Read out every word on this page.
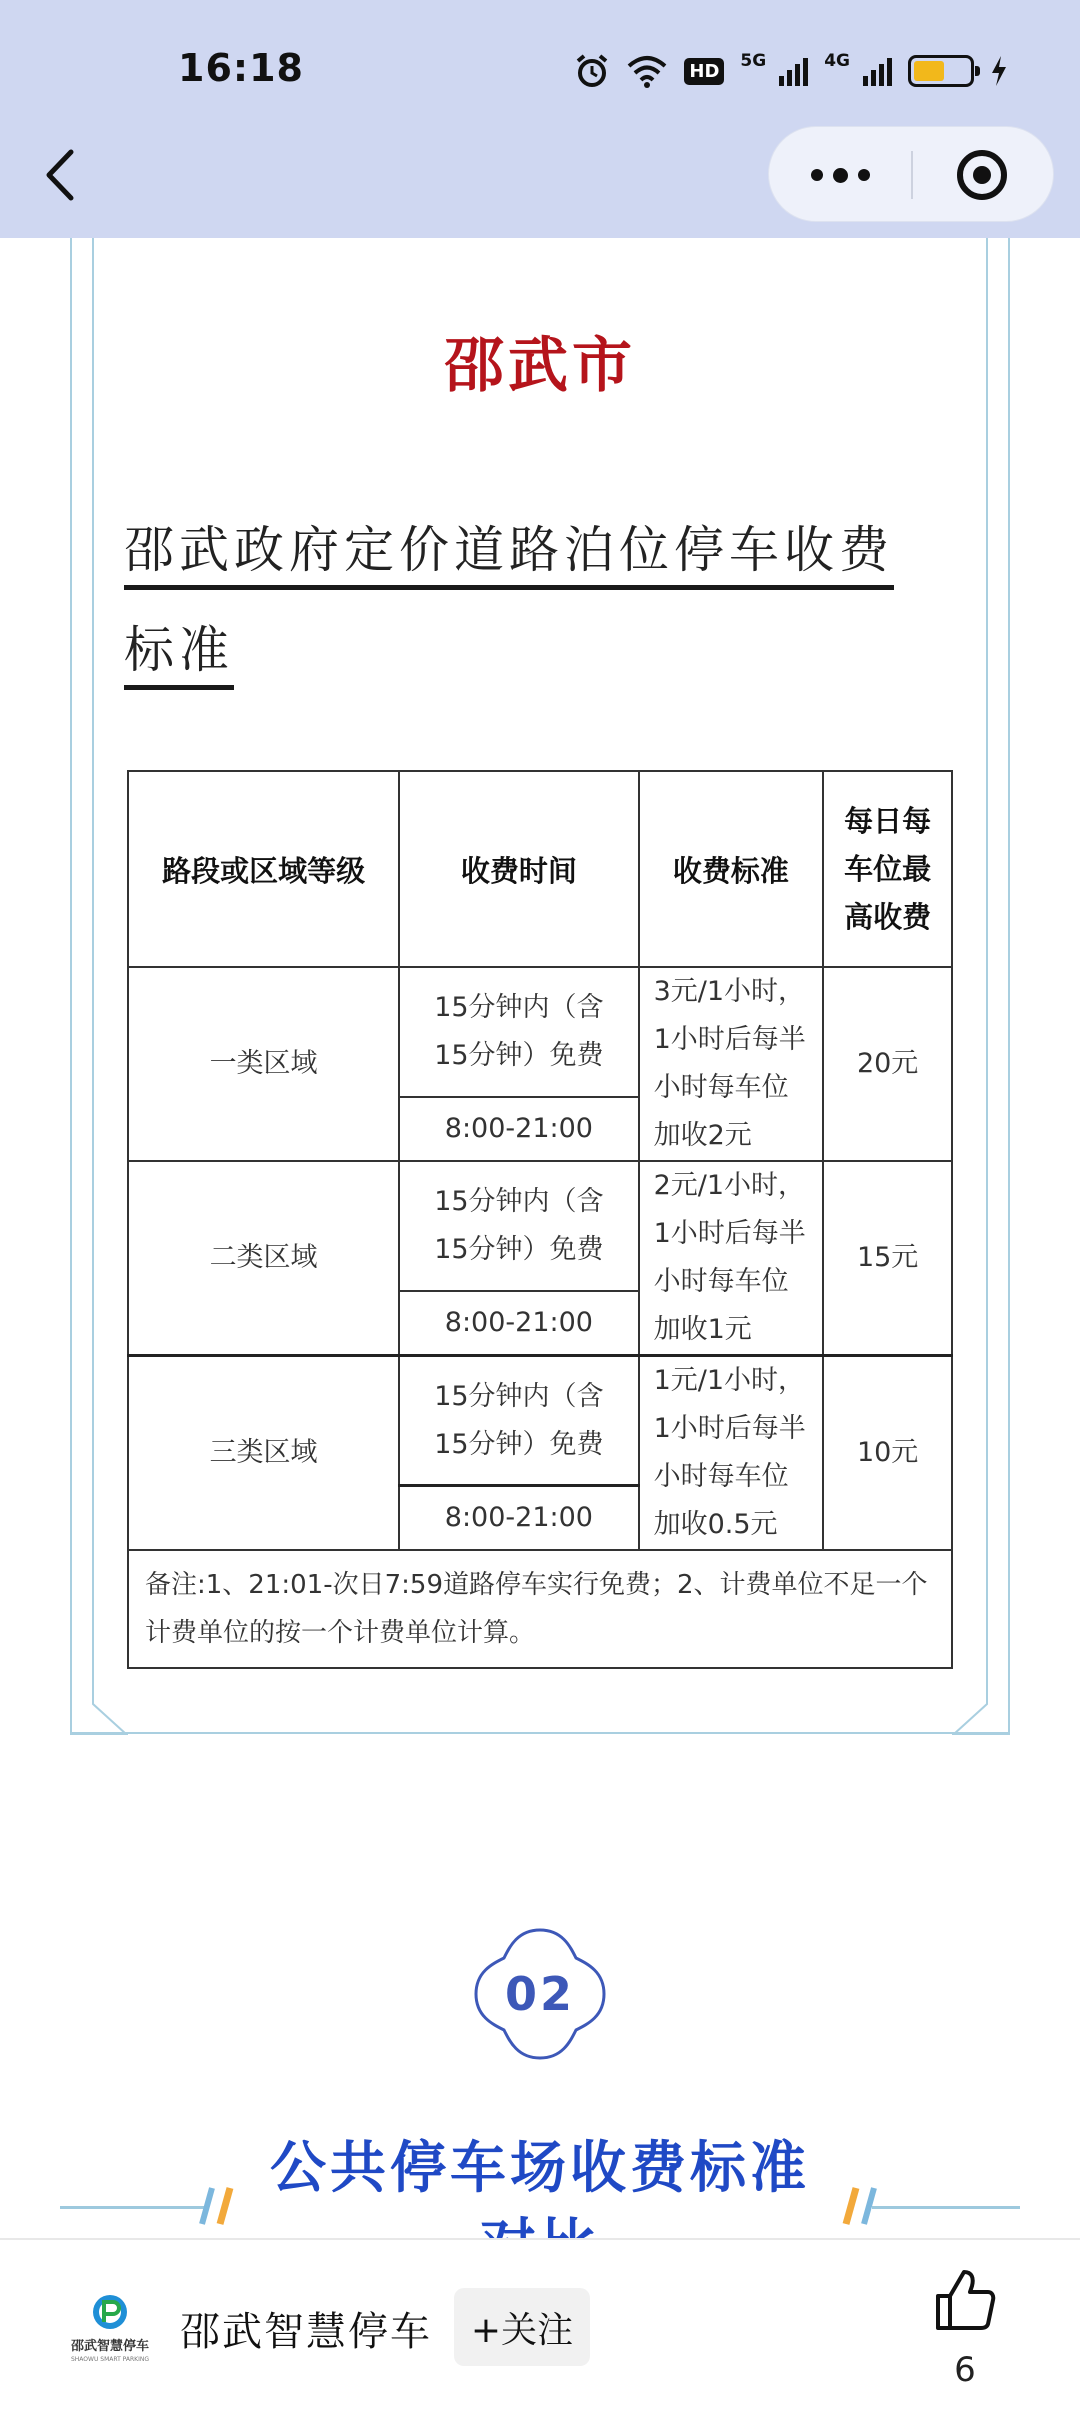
16:18	HD 5G	4G
邵武市
邵武政府定价道路泊位停车收费标准
路段或区域等级	收费时间	收费标准	每日每车位最高收费
一类区域	15分钟内（含15分钟）免费	3元/1小时，1小时后每半小时每车位加收2元	20元
	8:00-21:00		
二类区域	15分钟内（含15分钟）免费	2元/1小时，1小时后每半小时每车位加收1元	15元
	8:00-21:00		
三类区域	15分钟内（含15分钟）免费	1元/1小时，1小时后每半小时每车位加收0.5元	10元
	8:00-21:00		
备注:1、21:01-次日7:59道路停车实行免费；2、计费单位不足一个计费单位的按一个计费单位计算。			
02
公共停车场收费标准
邵武智慧停车
SHAOWU SMART PARKING
邵武智慧停车	+关注
6
